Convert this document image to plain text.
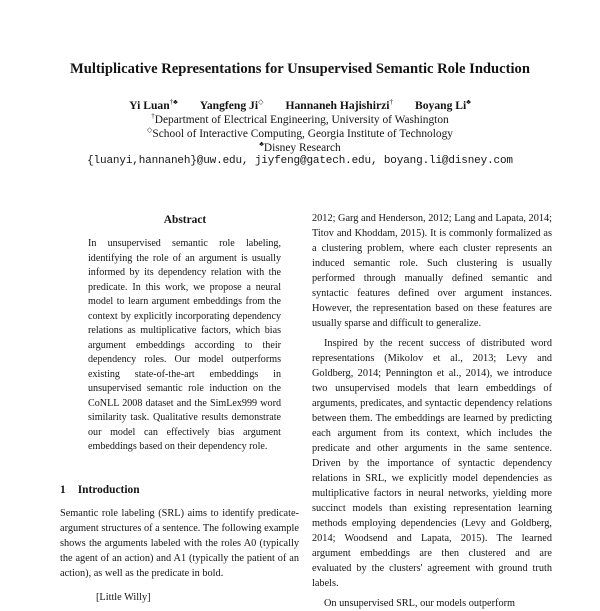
Multiplicative Representations for Unsupervised Semantic Role Induction
Yi Luan†♣ Yangfeng Ji◇ Hannaneh Hajishirzi† Boyang Li♣
†Department of Electrical Engineering, University of Washington
◇School of Interactive Computing, Georgia Institute of Technology
♣Disney Research
{luanyi,hannaneh}@uw.edu, jiyfeng@gatech.edu, boyang.li@disney.com
Abstract
In unsupervised semantic role labeling, identifying the role of an argument is usually informed by its dependency relation with the predicate. In this work, we propose a neural model to learn argument embeddings from the context by explicitly incorporating dependency relations as multiplicative factors, which bias argument embeddings according to their dependency roles. Our model outperforms existing state-of-the-art embeddings in unsupervised semantic role induction on the CoNLL 2008 dataset and the SimLex999 word similarity task. Qualitative results demonstrate our model can effectively bias argument embeddings based on their dependency role.
1 Introduction
Semantic role labeling (SRL) aims to identify predicate-argument structures of a sentence. The following example shows the arguments labeled with the roles A0 (typically the agent of an action) and A1 (typically the patient of an action), as well as the predicate in bold.
[Little Willy]

2012; Garg and Henderson, 2012; Lang and Lapata, 2014; Titov and Khoddam, 2015). It is commonly formalized as a clustering problem, where each cluster represents an induced semantic role. Such clustering is usually performed through manually defined semantic and syntactic features defined over argument instances. However, the representation based on these features are usually sparse and difficult to generalize.

Inspired by the recent success of distributed word representations (Mikolov et al., 2013; Levy and Goldberg, 2014; Pennington et al., 2014), we introduce two unsupervised models that learn embeddings of arguments, predicates, and syntactic dependency relations between them. The embeddings are learned by predicting each argument from its context, which includes the predicate and other arguments in the same sentence. Driven by the importance of syntactic dependency relations in SRL, we explicitly model dependencies as multiplicative factors in neural networks, yielding more succinct models than existing representation learning methods employing dependencies (Levy and Goldberg, 2014; Woodsend and Lapata, 2015). The learned argument embeddings are then clustered and are evaluated by the clusters' agreement with ground truth labels.

On unsupervised SRL, our models outperform
